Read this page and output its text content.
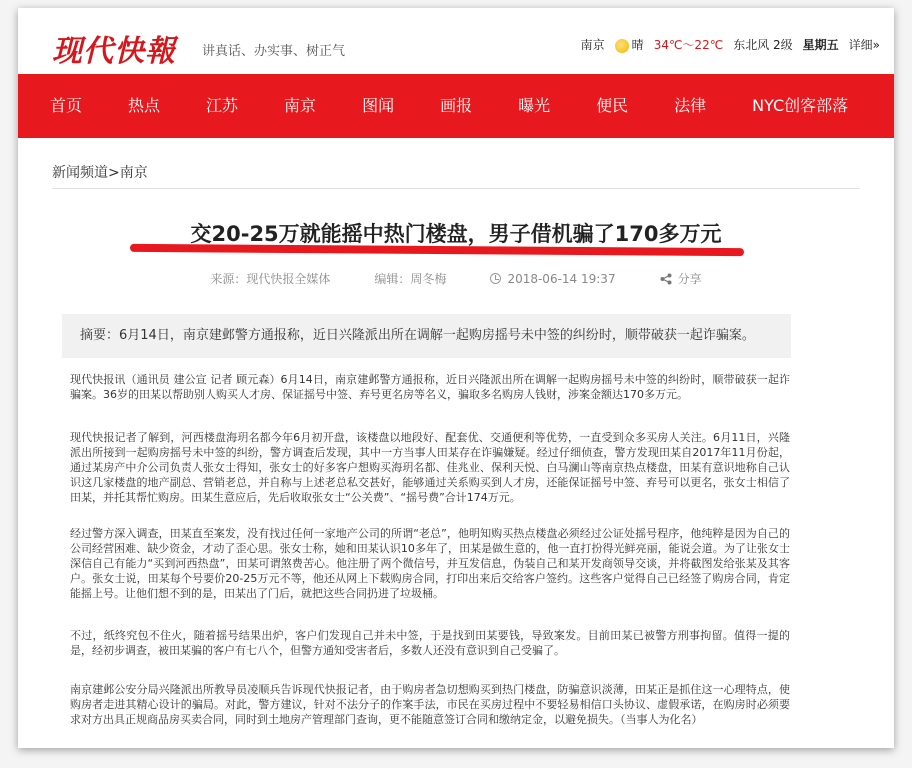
现代快報 讲真话、办实事、树正气	南京	晴 34℃～22℃ 东北风 2级 星期五 详细»
首页	热点	江苏	南京	图闻	画报	曝光	便民	法律	NYC创客部落
新闻频道>南京
交20-25万就能摇中热门楼盘，男子借机骗了170多万元
来源：现代快报全媒体	编辑：周冬梅	2018-06-14 19:37	分享
摘要：6月14日，南京建邺警方通报称，近日兴隆派出所在调解一起购房摇号未中签的纠纷时，顺带破获一起诈骗案。

现代快报讯（通讯员 建公宣 记者 顾元森）6月14日，南京建邺警方通报称，近日兴隆派出所在调解一起购房摇号未中签的纠纷时，顺带破获一起诈骗案。36岁的田某以帮助别人购买人才房、保证摇号中签、弃号更名房等名义，骗取多名购房人钱财，涉案金额达170多万元。

现代快报记者了解到，河西楼盘海玥名都今年6月初开盘，该楼盘以地段好、配套优、交通便利等优势，一直受到众多买房人关注。6月11日，兴隆派出所接到一起购房摇号未中签的纠纷，警方调查后发现，其中一方当事人田某存在诈骗嫌疑。经过仔细侦查，警方发现田某自2017年11月份起，通过某房产中介公司负责人张女士得知，张女士的好多客户想购买海玥名都、佳兆业、保利天悦、白马澜山等南京热点楼盘，田某有意识地称自己认识这几家楼盘的地产副总、营销老总，并自称与上述老总私交甚好，能够通过关系购买到人才房，还能保证摇号中签、弃号可以更名，张女士相信了田某，并托其帮忙购房。田某生意应后，先后收取张女士“公关费”、“摇号费”合计174万元。

经过警方深入调查，田某直至案发，没有找过任何一家地产公司的所谓“老总”，他明知购买热点楼盘必须经过公证处摇号程序，他纯粹是因为自己的公司经营困难、缺少资金，才动了歪心思。张女士称，她和田某认识10多年了，田某是做生意的，他一直打扮得光鲜亮丽，能说会道。为了让张女士深信自己有能力“买到河西热盘”，田某可谓煞费苦心。他注册了两个微信号，并互发信息，伪装自己和某开发商领导交谈，并将截图发给张某及其客户。张女士说，田某每个号要价20-25万元不等，他还从网上下载购房合同，打印出来后交给客户签约。这些客户觉得自己已经签了购房合同，肯定能摇上号。让他们想不到的是，田某出了门后，就把这些合同扔进了垃圾桶。

不过，纸终究包不住火，随着摇号结果出炉，客户们发现自己并未中签，于是找到田某要钱，导致案发。目前田某已被警方刑事拘留。值得一提的是，经初步调查，被田某骗的客户有七八个，但警方通知受害者后，多数人还没有意识到自己受骗了。

南京建邺公安分局兴隆派出所教导员凌顺兵告诉现代快报记者，由于购房者急切想购买到热门楼盘，防骗意识淡薄，田某正是抓住这一心理特点，使购房者走进其精心设计的骗局。对此，警方建议，针对不法分子的作案手法，市民在买房过程中不要轻易相信口头协议、虚假承诺，在购房时必须要求对方出具正规商品房买卖合同，同时到土地房产管理部门查询，更不能随意签订合同和缴纳定金，以避免损失。（当事人为化名）
